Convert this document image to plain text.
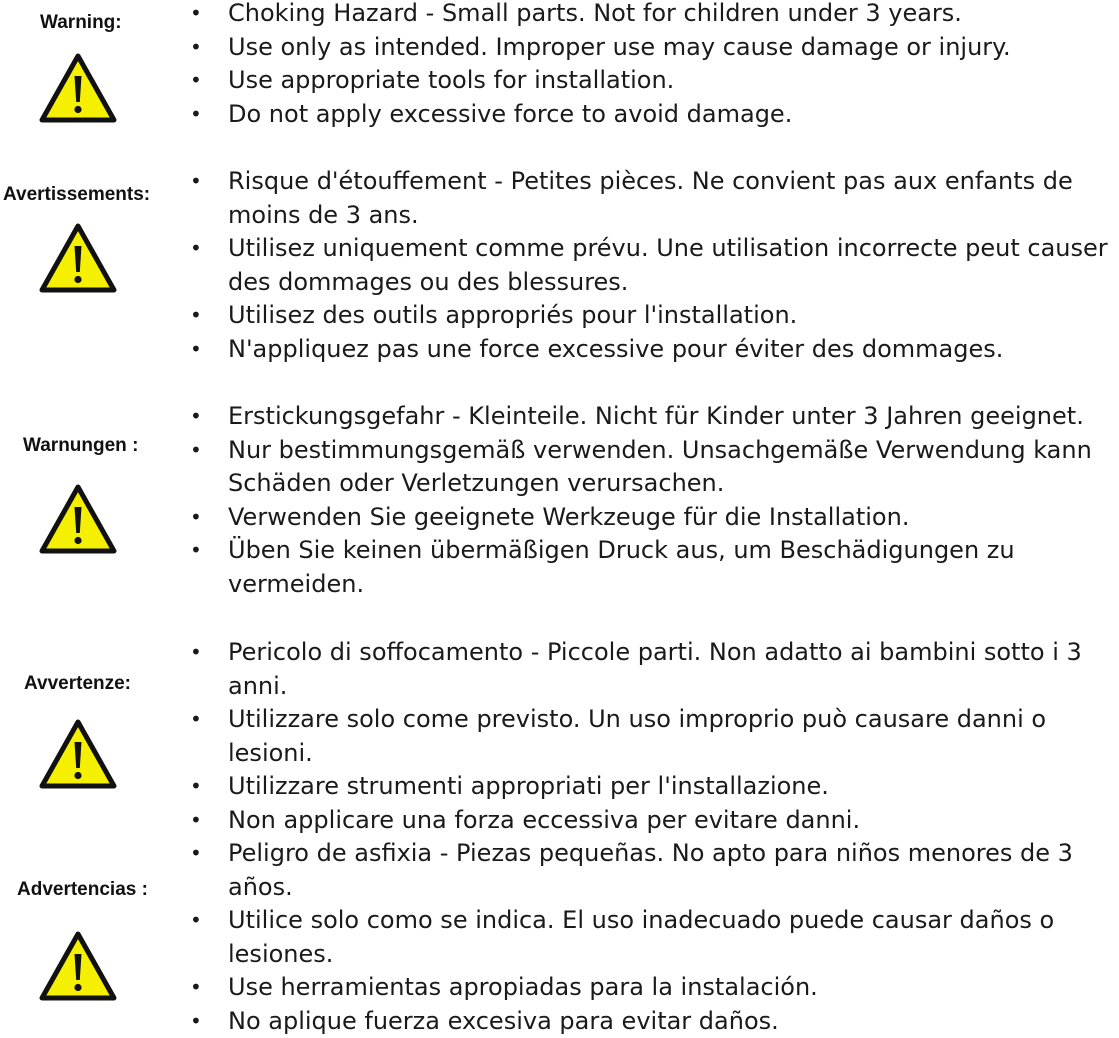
Warning:	• Choking Hazard - Small parts. Not for children under 3 years.
• Use only as intended. Improper use may cause damage or injury.
• Use appropriate tools for installation.
• Do not apply excessive force to avoid damage.
Avertissements:
• Risque d'étouffement - Petites pièces. Ne convient pas aux enfants de moins de 3 ans.
• Utilisez uniquement comme prévu. Une utilisation incorrecte peut causer des dommages ou des blessures.
• Utilisez des outils appropriés pour l'installation.
• N'appliquez pas une force excessive pour éviter des dommages.
Warnungen :
• Erstickungsgefahr - Kleinteile. Nicht für Kinder unter 3 Jahren geeignet.
• Nur bestimmungsgemäß verwenden. Unsachgemäße Verwendung kann Schäden oder Verletzungen verursachen.
• Verwenden Sie geeignete Werkzeuge für die Installation.
• Üben Sie keinen übermäßigen Druck aus, um Beschädigungen zu vermeiden.
Avvertenze:
• Pericolo di soffocamento - Piccole parti. Non adatto ai bambini sotto i 3 anni.
• Utilizzare solo come previsto. Un uso improprio può causare danni o lesioni.
• Utilizzare strumenti appropriati per l'installazione.
• Non applicare una forza eccessiva per evitare danni.
Advertencias :
• Peligro de asfixia - Piezas pequeñas. No apto para niños menores de 3 años.
• Utilice solo como se indica. El uso inadecuado puede causar daños o lesiones.
• Use herramientas apropiadas para la instalación.
• No aplique fuerza excesiva para evitar daños.
